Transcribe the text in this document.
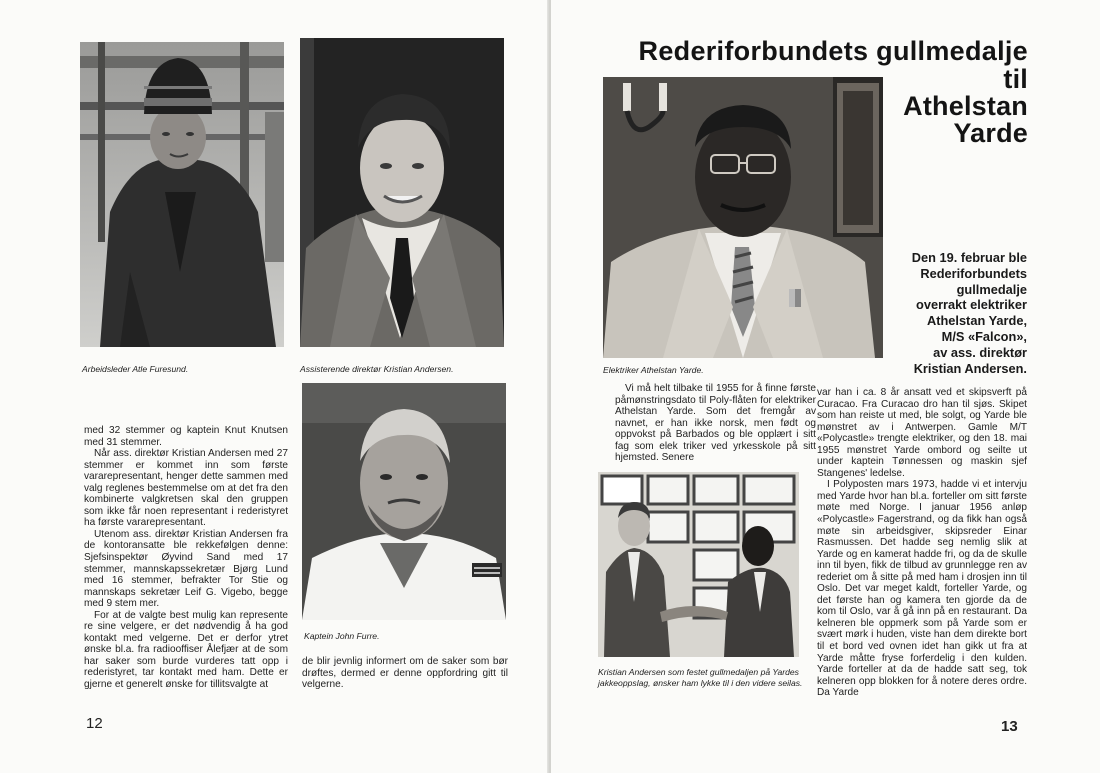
Arbeidsleder Atle Furesund.	Assisterende direktør Kristian Andersen.
Kaptein John Furre.

med 32 stemmer og kaptein Knut Knutsen med 31 stemmer.

Når ass. direktør Kristian Andersen med 27 stemmer er kommet inn som første vararepresentant, henger dette sammen med valg reglenes bestemmelse om at det fra den kombinerte valgkretsen skal den gruppen som ikke får noen representant i rederistyret ha første vararepresentant.

Utenom ass. direktør Kristian Andersen fra de kontoransatte ble rekkefølgen denne: Sjefsinspektør Øyvind Sand med 17 stemmer, mannskapssekretær Bjørg Lund med 16 stemmer, befrakter Tor Stie og mannskaps sekretær Leif G. Vigebo, begge med 9 stem mer.

For at de valgte best mulig kan represente re sine velgere, er det nødvendig å ha god kontakt med velgerne. Det er derfor ytret ønske bl.a. fra radiooffiser Ålefjær at de som har saker som burde vurderes tatt opp i rederistyret, tar kontakt med ham. Dette er gjerne et generelt ønske for tillitsvalgte at

de blir jevnlig informert om de saker som bør drøftes, dermed er denne oppfordring gitt til velgerne.

12
Rederiforbundets gullmedalje
til
Athelstan
Yarde
Elektriker Athelstan Yarde.
Den 19. februar ble
Rederiforbundets
gullmedalje
overrakt elektriker
Athelstan Yarde,
M/S «Falcon»,
av ass. direktør
Kristian Andersen.

Vi må helt tilbake til 1955 for å finne første påmønstringsdato til Poly-flåten for elektriker Athelstan Yarde. Som det fremgår av navnet, er han ikke norsk, men født og oppvokst på Barbados og ble opplært i sitt fag som elek triker ved yrkesskole på sitt hjemsted. Senere

Kristian Andersen som festet gullmedaljen på Yardes
jakkeoppslag, ønsker ham lykke til i den videre seilas.

var han i ca. 8 år ansatt ved et skipsverft på Curacao. Fra Curacao dro han til sjøs. Skipet som han reiste ut med, ble solgt, og Yarde ble mønstret av i Antwerpen. Gamle M/T «Polycastle» trengte elektriker, og den 18. mai 1955 mønstret Yarde ombord og seilte ut under kaptein Tønnessen og maskin sjef Stangenes' ledelse.

I Polyposten mars 1973, hadde vi et intervju med Yarde hvor han bl.a. forteller om sitt første møte med Norge. I januar 1956 anløp «Polycastle» Fagerstrand, og da fikk han også møte sin arbeidsgiver, skipsreder Einar Rasmussen. Det hadde seg nemlig slik at Yarde og en kamerat hadde fri, og da de skulle inn til byen, fikk de tilbud av grunnlegge ren av rederiet om å sitte på med ham i drosjen inn til Oslo. Det var meget kaldt, forteller Yarde, og det første han og kamera ten gjorde da de kom til Oslo, var å gå inn på en restaurant. Da kelneren ble oppmerk som på Yarde som er svært mørk i huden, viste han dem direkte bort til et bord ved ovnen idet han gikk ut fra at Yarde måtte fryse forferdelig i den kulden. Yarde forteller at da de hadde satt seg, tok kelneren opp blokken for å notere deres ordre. Da Yarde

13
